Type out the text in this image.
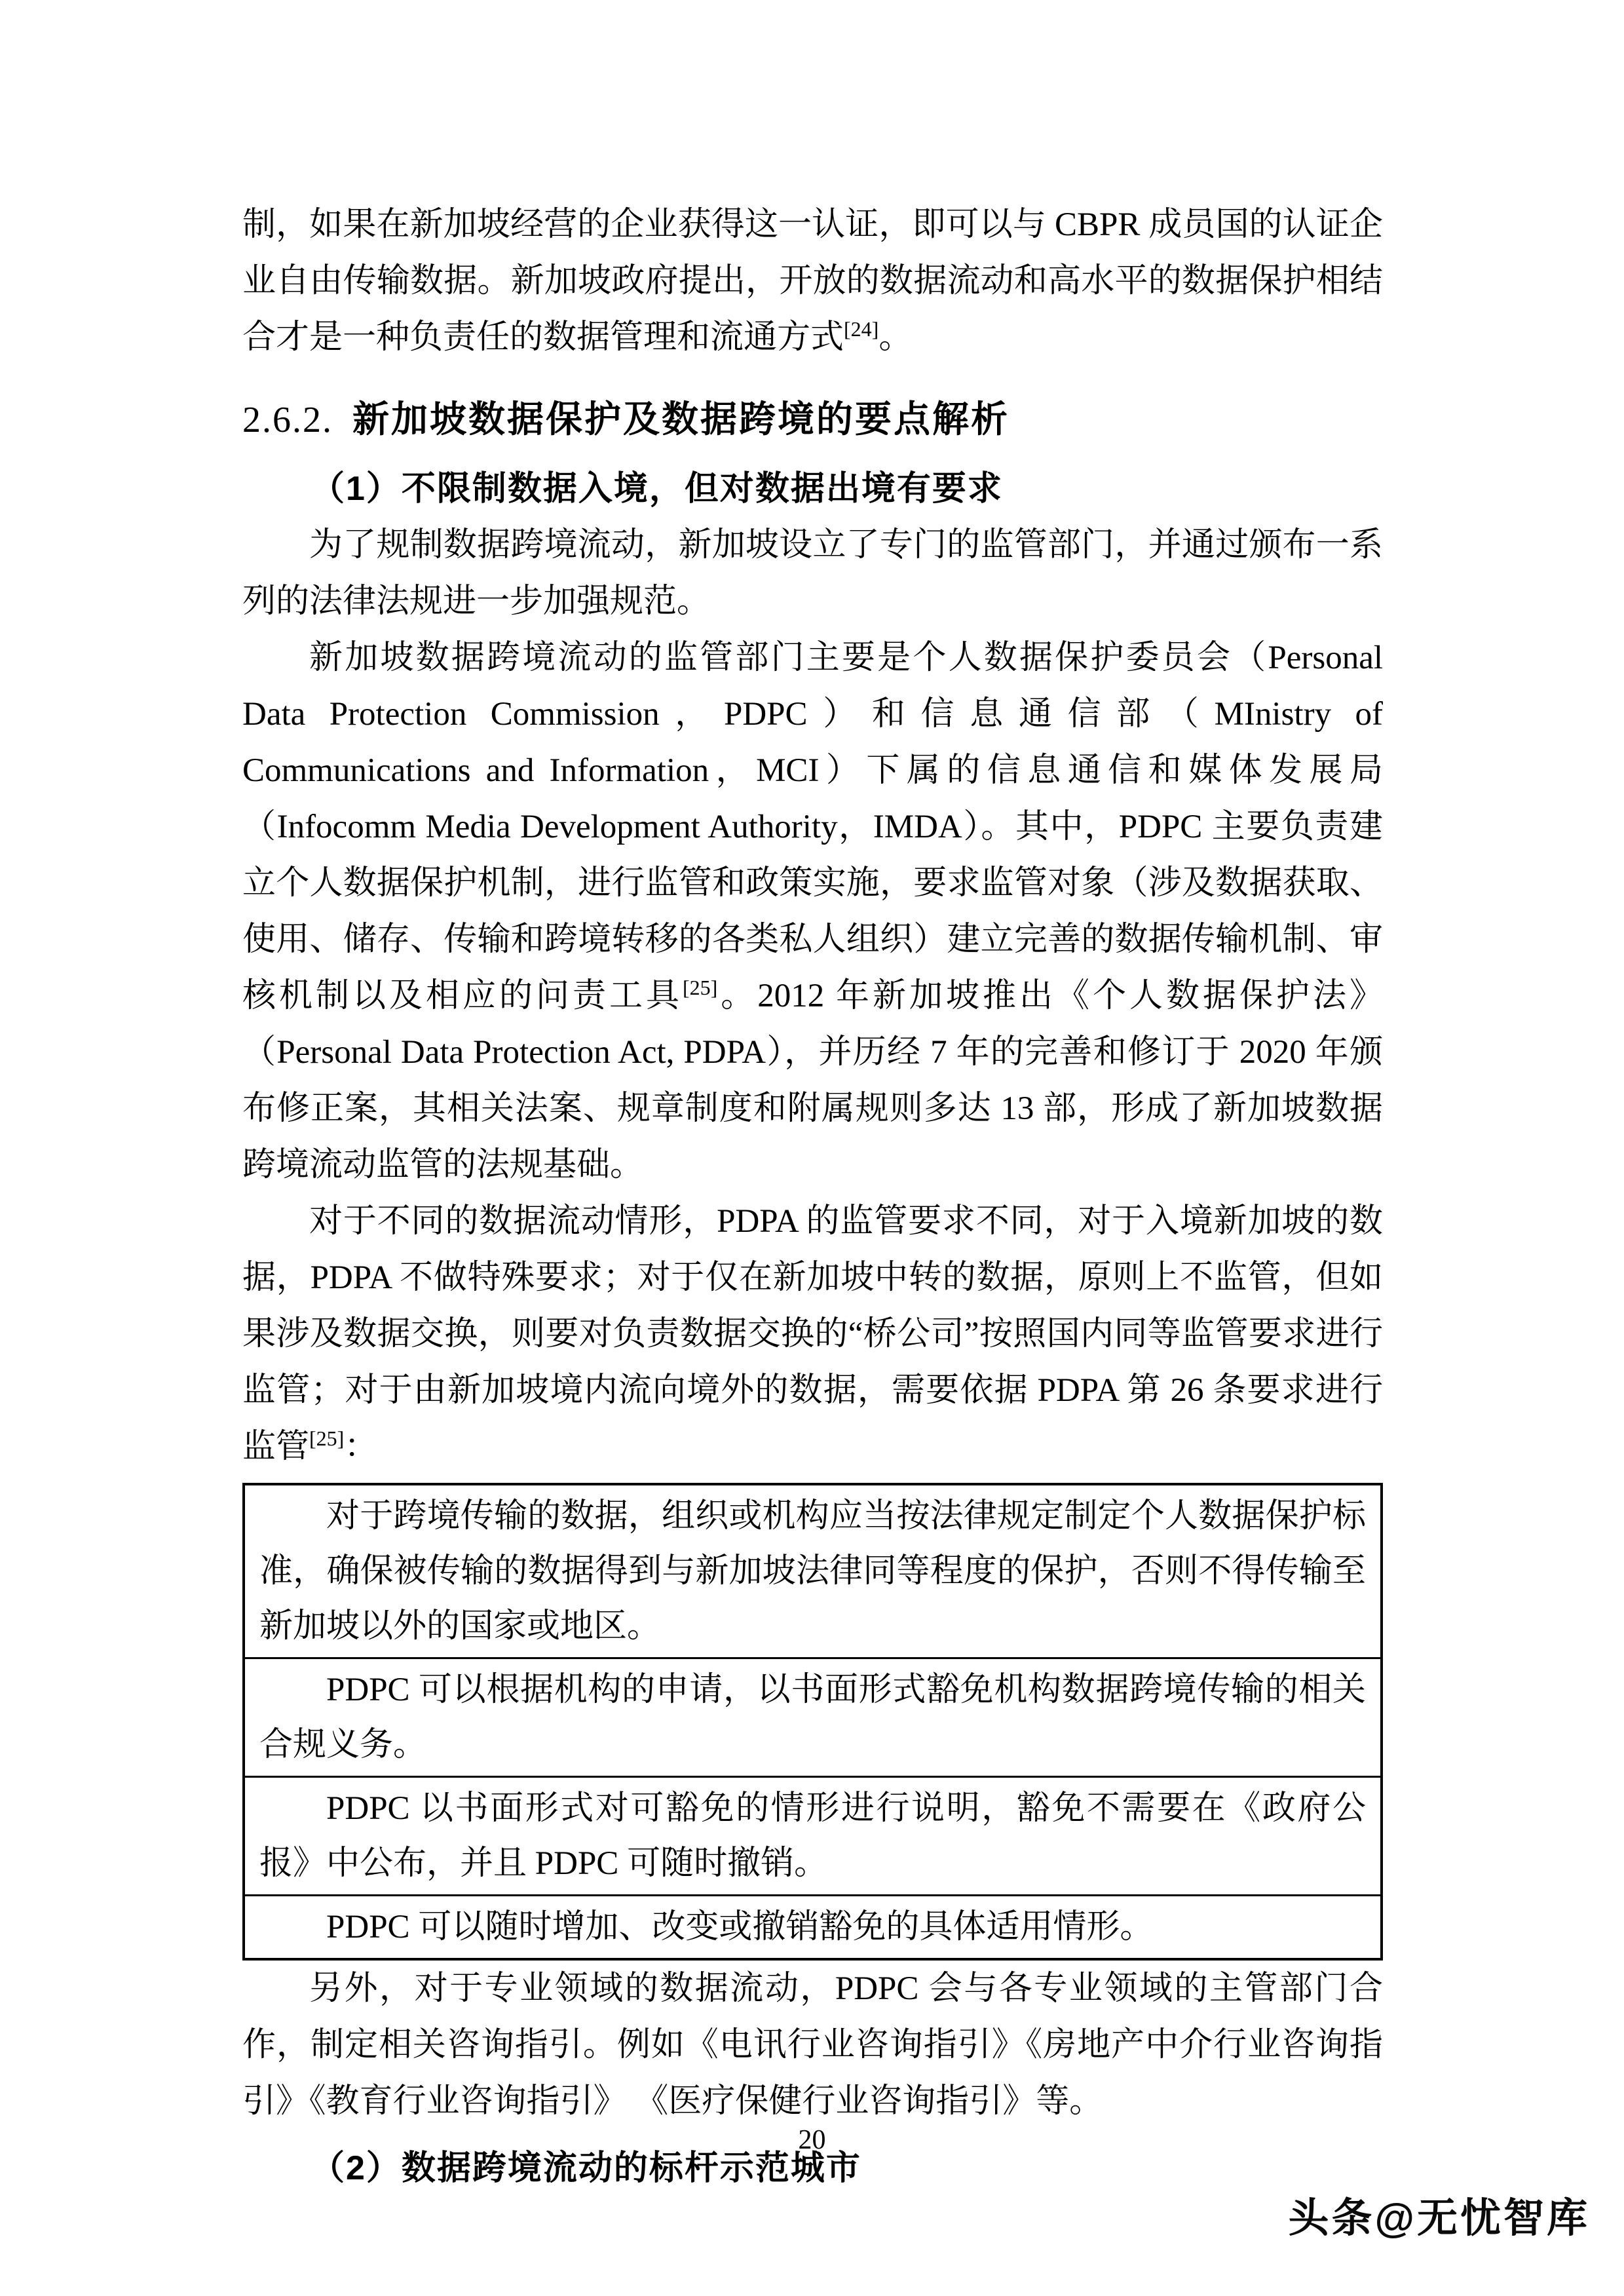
制，如果在新加坡经营的企业获得这一认证，即可以与 CBPR 成员国的认证企业自由传输数据。新加坡政府提出，开放的数据流动和高水平的数据保护相结合才是一种负责任的数据管理和流通方式[24]。

2.6.2. 新加坡数据保护及数据跨境的要点解析
（1）不限制数据入境，但对数据出境有要求

为了规制数据跨境流动，新加坡设立了专门的监管部门，并通过颁布一系列的法律法规进一步加强规范。

新加坡数据跨境流动的监管部门主要是个人数据保护委员会（Personal Data Protection Commission，PDPC）和信息通信部（MInistry of Communications and Information，MCI）下属的信息通信和媒体发展局（Infocomm Media Development Authority，IMDA）。其中，PDPC 主要负责建立个人数据保护机制，进行监管和政策实施，要求监管对象（涉及数据获取、使用、储存、传输和跨境转移的各类私人组织）建立完善的数据传输机制、审核机制以及相应的问责工具[25]。2012 年新加坡推出《个人数据保护法》（Personal Data Protection Act, PDPA），并历经 7 年的完善和修订于 2020 年颁布修正案，其相关法案、规章制度和附属规则多达 13 部，形成了新加坡数据跨境流动监管的法规基础。

对于不同的数据流动情形，PDPA 的监管要求不同，对于入境新加坡的数据，PDPA 不做特殊要求；对于仅在新加坡中转的数据，原则上不监管，但如果涉及数据交换，则要对负责数据交换的“桥公司”按照国内同等监管要求进行监管；对于由新加坡境内流向境外的数据，需要依据 PDPA 第 26 条要求进行监管[25]：

对于跨境传输的数据，组织或机构应当按法律规定制定个人数据保护标准，确保被传输的数据得到与新加坡法律同等程度的保护，否则不得传输至新加坡以外的国家或地区。

PDPC 可以根据机构的申请，以书面形式豁免机构数据跨境传输的相关合规义务。

PDPC 以书面形式对可豁免的情形进行说明，豁免不需要在《政府公报》中公布，并且 PDPC 可随时撤销。

PDPC 可以随时增加、改变或撤销豁免的具体适用情形。

另外，对于专业领域的数据流动，PDPC 会与各专业领域的主管部门合作，制定相关咨询指引。例如《电讯行业咨询指引》《房地产中介行业咨询指引》《教育行业咨询指引》 《医疗保健行业咨询指引》等。

（2）数据跨境流动的标杆示范城市
20
头条@无忧智库
